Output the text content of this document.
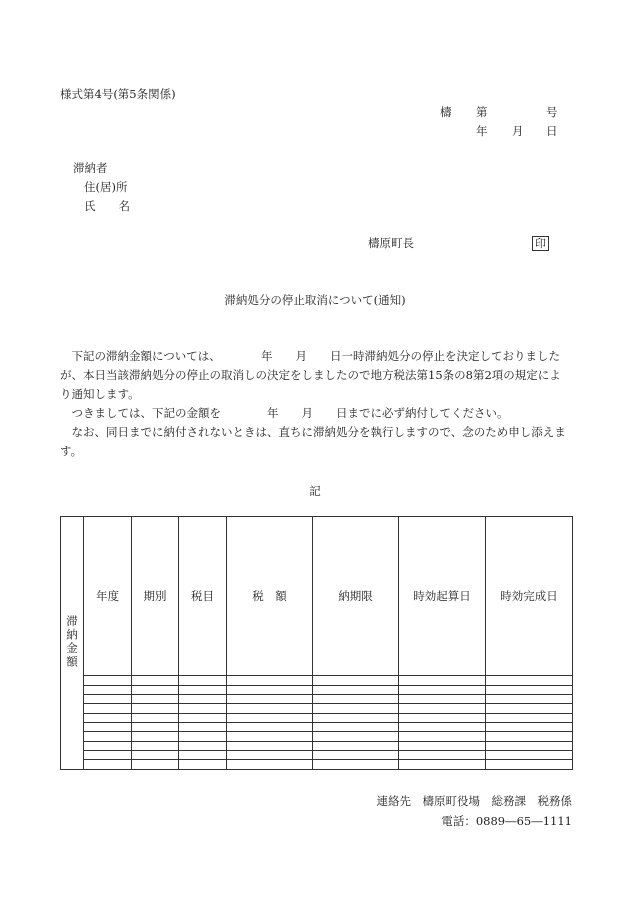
様式第4号(第5条関係)
檮 第	号
年 月 日
滞納者
住(居)所
氏　　名
檮原町長	印
滞納処分の停止取消について(通知)
　下記の滞納金額については、　　　　年　　月　　日一時滞納処分の停止を決定しておりましたが、本日当該滞納処分の停止の取消しの決定をしましたので地方税法第15条の8第2項の規定により通知します。
　つきましては、下記の金額を　　　　年　　月　　日までに必ず納付してください。
　なお、同日までに納付されないときは、直ちに滞納処分を執行しますので、念のため申し添えます。
記
滞納金額	年度	期別	税目	税　額	納期限	時効起算日	時効完成日

連絡先　檮原町役場　総務課　税務係
電話：0889―65―1111
